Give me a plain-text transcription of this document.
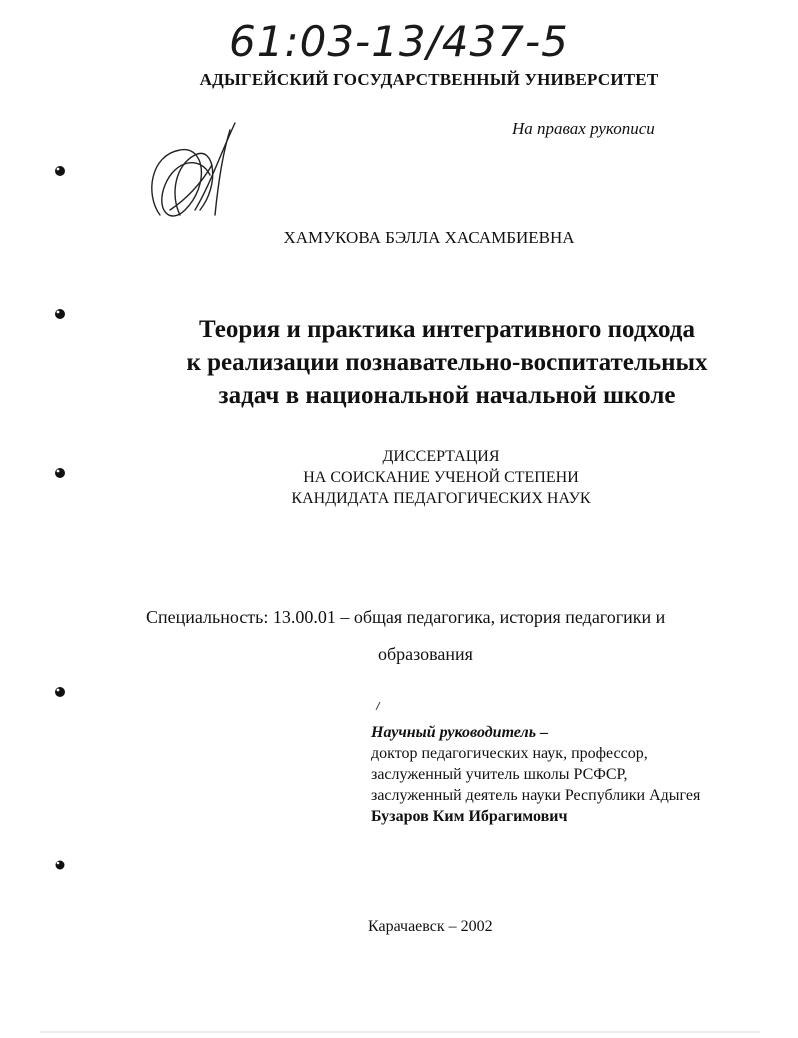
61:03-13/437-5
АДЫГЕЙСКИЙ ГОСУДАРСТВЕННЫЙ УНИВЕРСИТЕТ
На правах рукописи
ХАМУКОВА БЭЛЛА ХАСАМБИЕВНА
Теория и практика интегративного подхода
к реализации познавательно-воспитательных
задач в национальной начальной школе
ДИССЕРТАЦИЯ
НА СОИСКАНИЕ УЧЕНОЙ СТЕПЕНИ
КАНДИДАТА ПЕДАГОГИЧЕСКИХ НАУК
Специальность: 13.00.01 – общая педагогика, история педагогики и
образования
Научный руководитель –
доктор педагогических наук, профессор,
заслуженный учитель школы РСФСР,
заслуженный деятель науки Республики Адыгея
Бузаров Ким Ибрагимович
Карачаевск – 2002
